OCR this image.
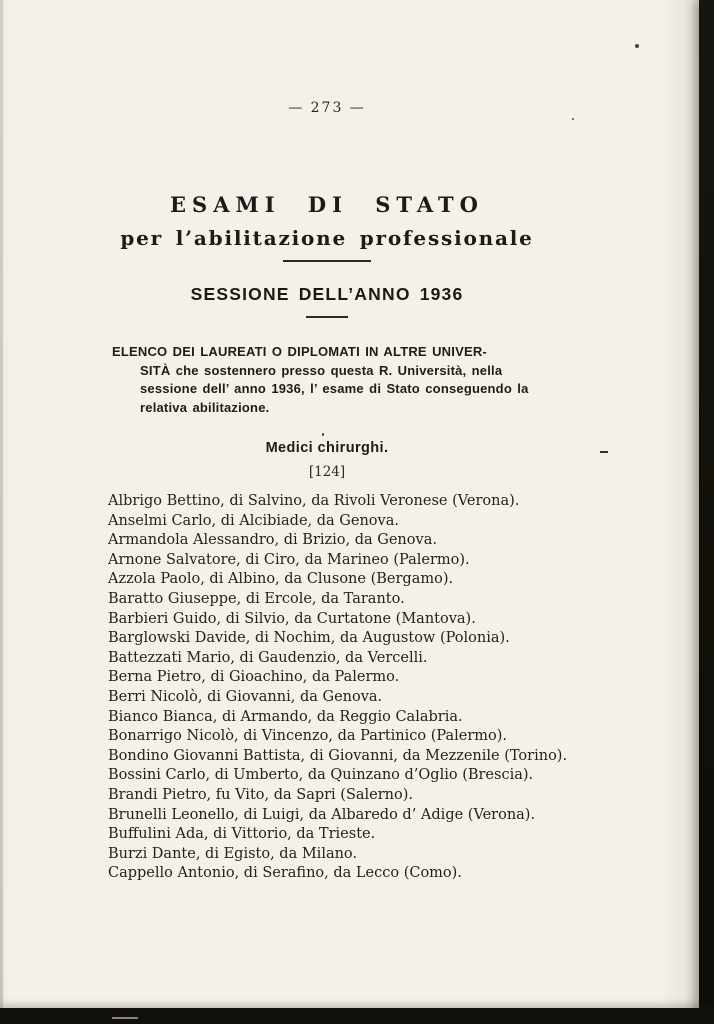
— 273 —
ESAMI DI STATO
per l’abilitazione professionale
SESSIONE DELL’ANNO 1936
ELENCO DEI LAUREATI O DIPLOMATI IN ALTRE UNIVER-
SITÀ che sostennero presso questa R. Università, nella
sessione dell’ anno 1936, l’ esame di Stato conseguendo la
relativa abilitazione.
Medici chirurghi.
[124]

Albrigo Bettino, di Salvino, da Rivoli Veronese (Verona).

Anselmi Carlo, di Alcibiade, da Genova.

Armandola Alessandro, di Brizio, da Genova.

Arnone Salvatore, di Ciro, da Marineo (Palermo).

Azzola Paolo, di Albino, da Clusone (Bergamo).

Baratto Giuseppe, di Ercole, da Taranto.

Barbieri Guido, di Silvio, da Curtatone (Mantova).

Barglowski Davide, di Nochim, da Augustow (Polonia).

Battezzati Mario, di Gaudenzio, da Vercelli.

Berna Pietro, di Gioachino, da Palermo.

Berri Nicolò, di Giovanni, da Genova.

Bianco Bianca, di Armando, da Reggio Calabria.

Bonarrigo Nicolò, di Vincenzo, da Partinico (Palermo).

Bondino Giovanni Battista, di Giovanni, da Mezzenile (Torino).

Bossini Carlo, di Umberto, da Quinzano d’Oglio (Brescia).

Brandi Pietro, fu Vito, da Sapri (Salerno).

Brunelli Leonello, di Luigi, da Albaredo d’ Adige (Verona).

Buffulini Ada, di Vittorio, da Trieste.

Burzi Dante, di Egisto, da Milano.

Cappello Antonio, di Serafino, da Lecco (Como).
